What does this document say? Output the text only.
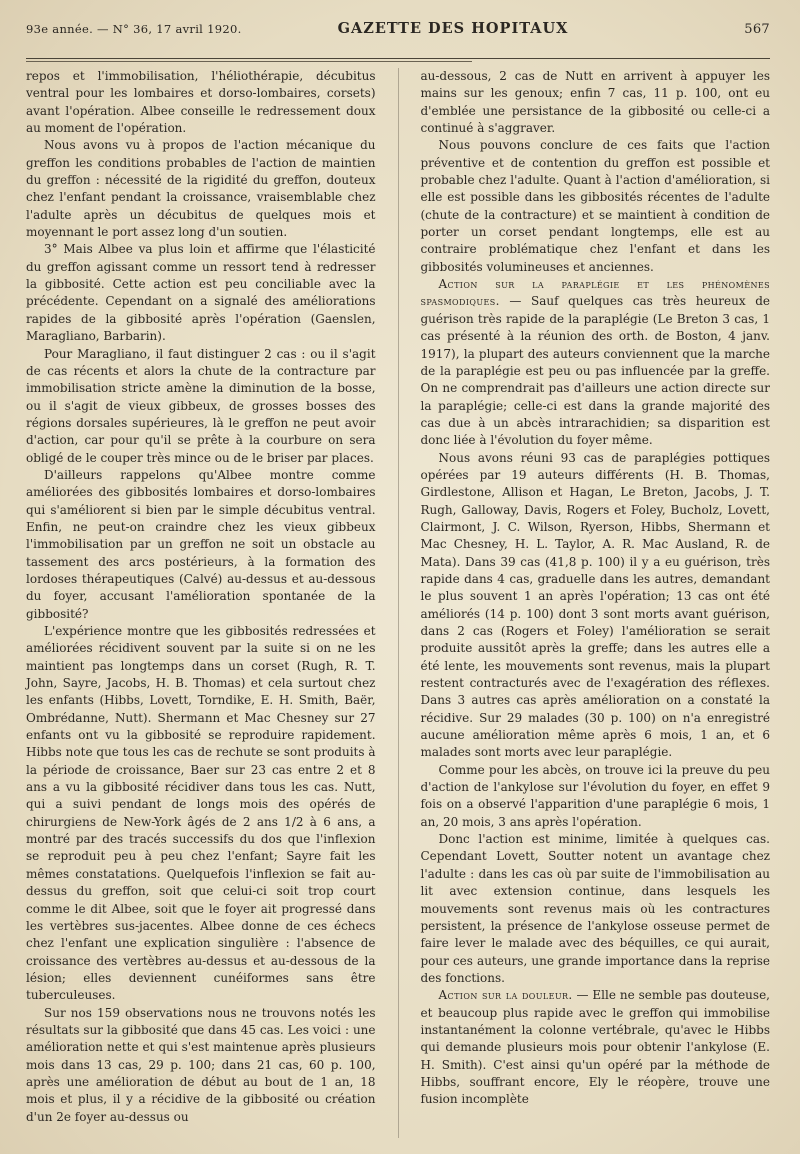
93e année. — N° 36, 17 avril 1920.	GAZETTE DES HOPITAUX	567

repos et l'immobilisation, l'héliothérapie, décubitus ventral pour les lombaires et dorso-lombaires, corsets) avant l'opération. Albee conseille le redressement doux au moment de l'opération.

Nous avons vu à propos de l'action mécanique du greffon les conditions probables de l'action de maintien du greffon : nécessité de la rigidité du greffon, douteux chez l'enfant pendant la croissance, vraisemblable chez l'adulte après un décubitus de quelques mois et moyennant le port assez long d'un soutien.

3° Mais Albee va plus loin et affirme que l'élasticité du greffon agissant comme un ressort tend à redresser la gibbosité. Cette action est peu conciliable avec la précédente. Cependant on a signalé des améliorations rapides de la gibbosité après l'opération (Gaenslen, Maragliano, Barbarin).

Pour Maragliano, il faut distinguer 2 cas : ou il s'agit de cas récents et alors la chute de la contracture par immobilisation stricte amène la diminution de la bosse, ou il s'agit de vieux gibbeux, de grosses bosses des régions dorsales supérieures, là le greffon ne peut avoir d'action, car pour qu'il se prête à la courbure on sera obligé de le couper très mince ou de le briser par places.

D'ailleurs rappelons qu'Albee montre comme améliorées des gibbosités lombaires et dorso-lombaires qui s'améliorent si bien par le simple décubitus ventral. Enfin, ne peut-on craindre chez les vieux gibbeux l'immobilisation par un greffon ne soit un obstacle au tassement des arcs postérieurs, à la formation des lordoses thérapeutiques (Calvé) au-dessus et au-dessous du foyer, accusant l'amélioration spontanée de la gibbosité?

L'expérience montre que les gibbosités redressées et améliorées récidivent souvent par la suite si on ne les maintient pas longtemps dans un corset (Rugh, R. T. John, Sayre, Jacobs, H. B. Thomas) et cela surtout chez les enfants (Hibbs, Lovett, Torndike, E. H. Smith, Baër, Ombrédanne, Nutt). Shermann et Mac Chesney sur 27 enfants ont vu la gibbosité se reproduire rapidement. Hibbs note que tous les cas de rechute se sont produits à la période de croissance, Baer sur 23 cas entre 2 et 8 ans a vu la gibbosité récidiver dans tous les cas. Nutt, qui a suivi pendant de longs mois des opérés de chirurgiens de New-York âgés de 2 ans 1/2 à 6 ans, a montré par des tracés successifs du dos que l'inflexion se reproduit peu à peu chez l'enfant; Sayre fait les mêmes constatations. Quelquefois l'inflexion se fait au-dessus du greffon, soit que celui-ci soit trop court comme le dit Albee, soit que le foyer ait progressé dans les vertèbres sus-jacentes. Albee donne de ces échecs chez l'enfant une explication singulière : l'absence de croissance des vertèbres au-dessus et au-dessous de la lésion; elles deviennent cunéiformes sans être tuberculeuses.

Sur nos 159 observations nous ne trouvons notés les résultats sur la gibbosité que dans 45 cas. Les voici : une amélioration nette et qui s'est maintenue après plusieurs mois dans 13 cas, 29 p. 100; dans 21 cas, 60 p. 100, après une amélioration de début au bout de 1 an, 18 mois et plus, il y a récidive de la gibbosité ou création d'un 2e foyer au-dessus ou

au-dessous, 2 cas de Nutt en arrivent à appuyer les mains sur les genoux; enfin 7 cas, 11 p. 100, ont eu d'emblée une persistance de la gibbosité ou celle-ci a continué à s'aggraver.

Nous pouvons conclure de ces faits que l'action préventive et de contention du greffon est possible et probable chez l'adulte. Quant à l'action d'amélioration, si elle est possible dans les gibbosités récentes de l'adulte (chute de la contracture) et se maintient à condition de porter un corset pendant longtemps, elle est au contraire problématique chez l'enfant et dans les gibbosités volumineuses et anciennes.

Action sur la paraplégie et les phénomènes spasmodiques. — Sauf quelques cas très heureux de guérison très rapide de la paraplégie (Le Breton 3 cas, 1 cas présenté à la réunion des orth. de Boston, 4 janv. 1917), la plupart des auteurs conviennent que la marche de la paraplégie est peu ou pas influencée par la greffe. On ne comprendrait pas d'ailleurs une action directe sur la paraplégie; celle-ci est dans la grande majorité des cas due à un abcès intrarachidien; sa disparition est donc liée à l'évolution du foyer même.

Nous avons réuni 93 cas de paraplégies pottiques opérées par 19 auteurs différents (H. B. Thomas, Girdlestone, Allison et Hagan, Le Breton, Jacobs, J. T. Rugh, Galloway, Davis, Rogers et Foley, Bucholz, Lovett, Clairmont, J. C. Wilson, Ryerson, Hibbs, Shermann et Mac Chesney, H. L. Taylor, A. R. Mac Ausland, R. de Mata). Dans 39 cas (41,8 p. 100) il y a eu guérison, très rapide dans 4 cas, graduelle dans les autres, demandant le plus souvent 1 an après l'opération; 13 cas ont été améliorés (14 p. 100) dont 3 sont morts avant guérison, dans 2 cas (Rogers et Foley) l'amélioration se serait produite aussitôt après la greffe; dans les autres elle a été lente, les mouvements sont revenus, mais la plupart restent contracturés avec de l'exagération des réflexes. Dans 3 autres cas après amélioration on a constaté la récidive. Sur 29 malades (30 p. 100) on n'a enregistré aucune amélioration même après 6 mois, 1 an, et 6 malades sont morts avec leur paraplégie.

Comme pour les abcès, on trouve ici la preuve du peu d'action de l'ankylose sur l'évolution du foyer, en effet 9 fois on a observé l'apparition d'une paraplégie 6 mois, 1 an, 20 mois, 3 ans après l'opération.

Donc l'action est minime, limitée à quelques cas. Cependant Lovett, Soutter notent un avantage chez l'adulte : dans les cas où par suite de l'immobilisation au lit avec extension continue, dans lesquels les mouvements sont revenus mais où les contractures persistent, la présence de l'ankylose osseuse permet de faire lever le malade avec des béquilles, ce qui aurait, pour ces auteurs, une grande importance dans la reprise des fonctions.

Action sur la douleur. — Elle ne semble pas douteuse, et beaucoup plus rapide avec le greffon qui immobilise instantanément la colonne vertébrale, qu'avec le Hibbs qui demande plusieurs mois pour obtenir l'ankylose (E. H. Smith). C'est ainsi qu'un opéré par la méthode de Hibbs, souffrant encore, Ely le réopère, trouve une fusion incomplète
